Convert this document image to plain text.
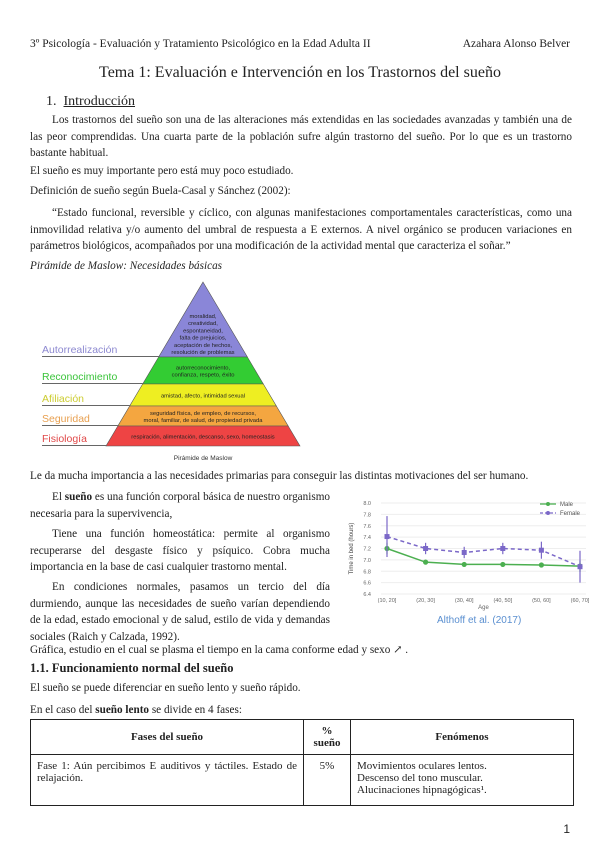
3º Psicología - Evaluación y Tratamiento Psicológico en la Edad Adulta II	Azahara Alonso Belver
Tema 1: Evaluación e Intervención en los Trastornos del sueño
1. Introducción
Los trastornos del sueño son una de las alteraciones más extendidas en las sociedades avanzadas y también una de las peor comprendidas. Una cuarta parte de la población sufre algún trastorno del sueño. Por lo que es un trastorno bastante habitual.
El sueño es muy importante pero está muy poco estudiado.
Definición de sueño según Buela-Casal y Sánchez (2002):
“Estado funcional, reversible y cíclico, con algunas manifestaciones comportamentales características, como una inmovilidad relativa y/o aumento del umbral de respuesta a E externos. A nivel orgánico se producen variaciones en parámetros biológicos, acompañados por una modificación de la actividad mental que caracteriza el soñar.”
Pirámide de Maslow: Necesidades básicas
Autorrealización
moralidad,
creatividad,
espontaneidad,
falta de prejuicios,
aceptación de hechos,
resolución de problemas
Reconocimiento
autorreconocimiento,
confianza, respeto, éxito
Afiliación	amistad, afecto, intimidad sexual
Seguridad	seguridad física, de empleo, de recursos,
moral, familiar, de salud, de propiedad privada
Fisiología	respiración, alimentación, descanso, sexo, homeostasis
Pirámide de Maslow
Le da mucha importancia a las necesidades primarias para conseguir las distintas motivaciones del ser humano.
El sueño es una función corporal básica de nuestro organismo necesaria para la supervivencia,
Tiene una función homeostática: permite al organismo recuperarse del desgaste físico y psíquico. Cobra mucha importancia en la base de casi cualquier trastorno mental.
En condiciones normales, pasamos un tercio del día durmiendo, aunque las necesidades de sueño varían dependiendo de la edad, estado emocional y de salud, estilo de vida y demandas sociales (Raich y Calzada, 1992).
6.4
6.6
6.8
7.0
7.2
7.4
7.6
7.8
8.0
(10, 20]	(20, 30]	(30, 40]	(40, 50]	(50, 60]	(60, 70]
Age
Time in bed (hours)
Male
Female
Althoff et al. (2017)
Gráfica, estudio en el cual se plasma el tiempo en la cama conforme edad y sexo ↗ .
1.1. Funcionamiento normal del sueño
El sueño se puede diferenciar en sueño lento y sueño rápido.
En el caso del sueño lento se divide en 4 fases:
Fases del sueño	% sueño	Fenómenos
Fase 1: Aún percibimos E auditivos y táctiles. Estado de relajación.	5%	Movimientos oculares lentos.
Descenso del tono muscular.
Alucinaciones hipnagógicas¹.
1
